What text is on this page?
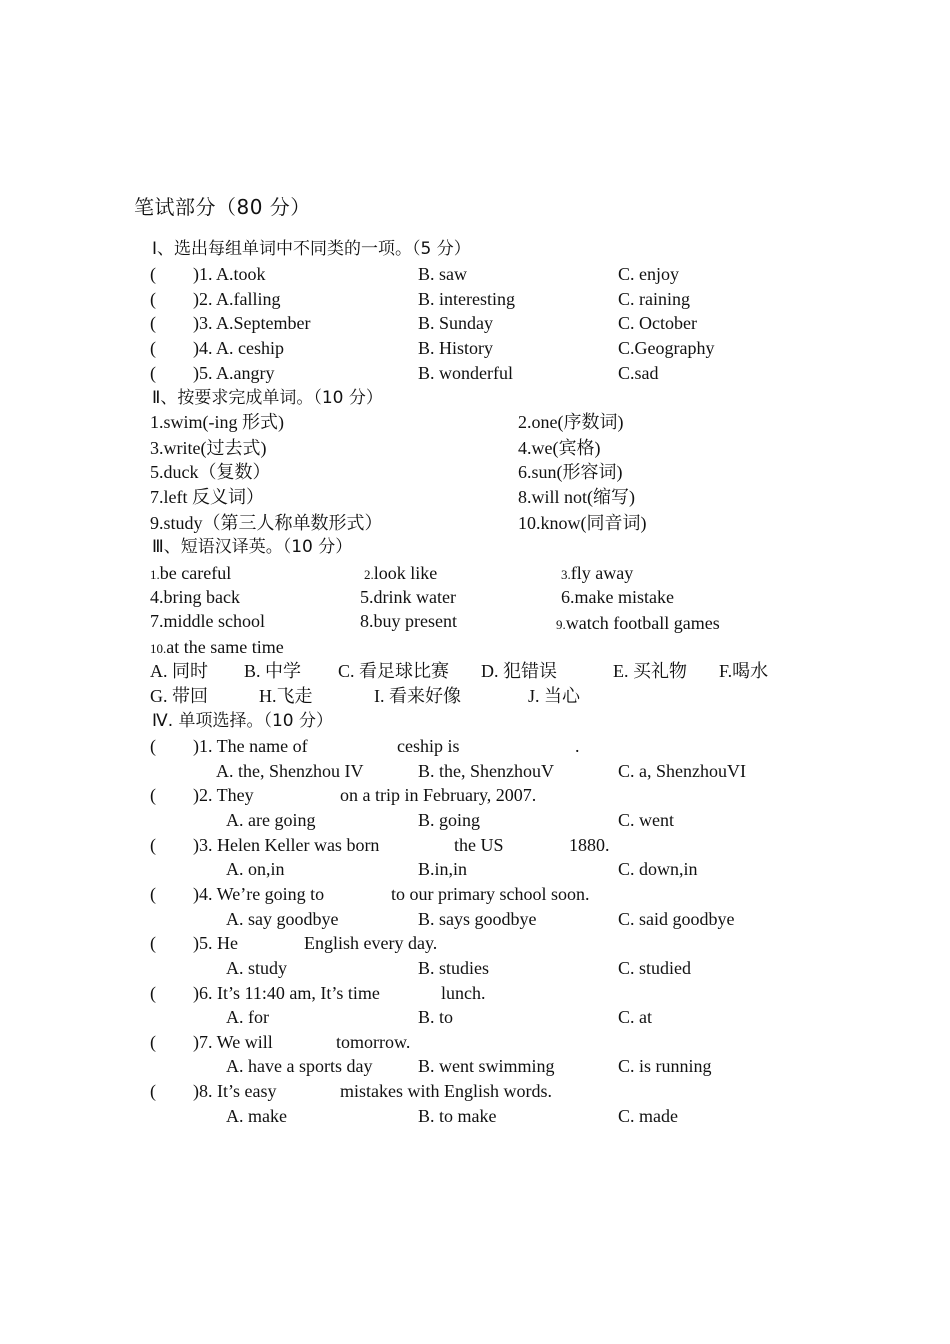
笔试部分（80 分）
Ⅰ、选出每组单词中不同类的一项。（5 分）
( )1. A.took	B. saw	C. enjoy
( )2. A.falling	B. interesting	C. raining
( )3. A.September	B. Sunday	C. October
( )4. A. ceship	B. History	C.Geography
( )5. A.angry	B. wonderful	C.sad
Ⅱ、按要求完成单词。（10 分）
1.swim(-ing 形式)	2.one(序数词)
3.write(过去式)	4.we(宾格)
5.duck（复数）	6.sun(形容词)
7.left 反义词）	8.will not(缩写)
9.study（第三人称单数形式）	10.know(同音词)
Ⅲ、短语汉译英。（10 分）
1.be careful	2.look like	3.fly away
4.bring back	5.drink water	6.make mistake
7.middle school	8.buy present	9.watch football games
10.at the same time
A. 同时 B. 中学 C. 看足球比赛 D. 犯错误	E. 买礼物 F.喝水
G. 带回	H.飞走	I. 看来好像	J. 当心
Ⅳ. 单项选择。（10 分）
( )1. The name of	ceship is	.
A. the, Shenzhou IV	B. the, ShenzhouV	C. a, ShenzhouVI
( )2. They	on a trip in February, 2007.
A. are going	B. going	C. went
( )3. Helen Keller was born	the US	1880.
A. on,in	B.in,in	C. down,in
( )4. We’re going to	to our primary school soon.
A. say goodbye	B. says goodbye	C. said goodbye
( )5. He	English every day.
A. study	B. studies	C. studied
( )6. It’s 11:40 am, It’s time	lunch.
A. for	B. to	C. at
( )7. We will	tomorrow.
A. have a sports day	B. went swimming	C. is running
( )8. It’s easy	mistakes with English words.
A. make	B. to make	C. made
